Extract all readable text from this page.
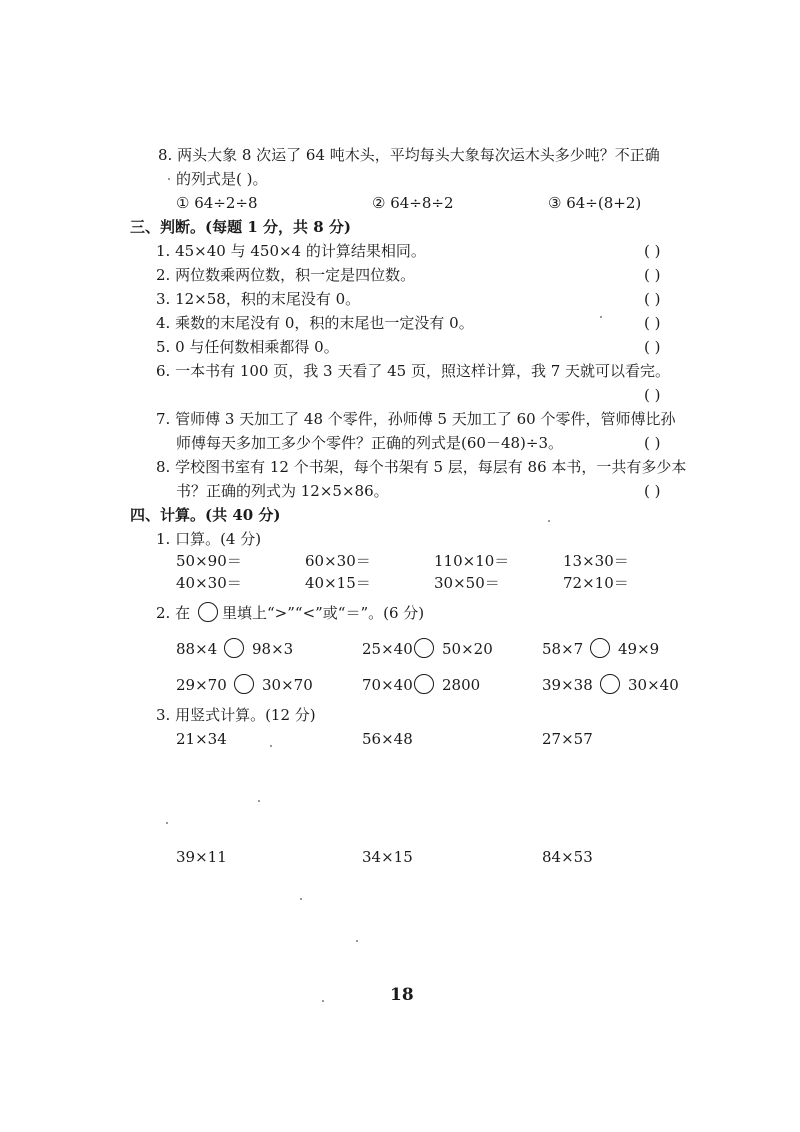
8. 两头大象 8 次运了 64 吨木头，平均每头大象每次运木头多少吨？不正确
的列式是( )。
① 64÷2÷8	② 64÷8÷2	③ 64÷(8+2)
三、判断。(每题 1 分，共 8 分)
1. 45×40 与 450×4 的计算结果相同。	( )
2. 两位数乘两位数，积一定是四位数。	( )
3. 12×58，积的末尾没有 0。	( )
4. 乘数的末尾没有 0，积的末尾也一定没有 0。	( )
5. 0 与任何数相乘都得 0。	( )
6. 一本书有 100 页，我 3 天看了 45 页，照这样计算，我 7 天就可以看完。
( )
7. 管师傅 3 天加工了 48 个零件，孙师傅 5 天加工了 60 个零件，管师傅比孙
师傅每天多加工多少个零件？正确的列式是(60－48)÷3。	( )
8. 学校图书室有 12 个书架，每个书架有 5 层，每层有 86 本书，一共有多少本
书？正确的列式为 12×5×86。	( )
四、计算。(共 40 分)
1. 口算。(4 分)
50×90＝	60×30＝	110×10＝	13×30＝
40×30＝	40×15＝	30×50＝	72×10＝
2. 在 里填上“>”“<”或“＝”。(6 分)
88×4 98×3	25×40 50×20	58×7 49×9
29×70 30×70	70×40 2800	39×38 30×40
3. 用竖式计算。(12 分)
21×34	56×48	27×57
39×11	34×15	84×53
18
